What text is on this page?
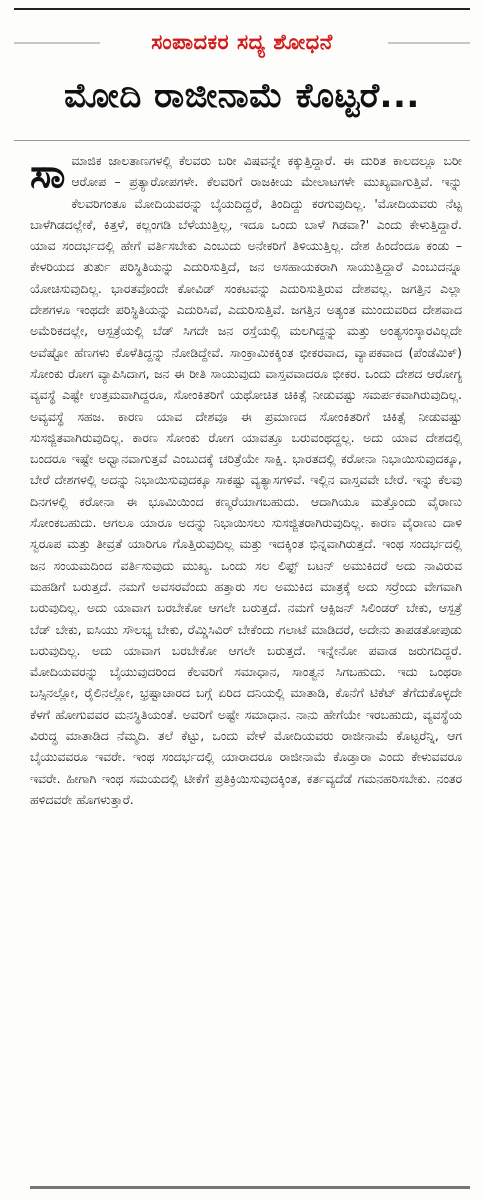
ಸಂಪಾದಕರ ಸದ್ಯ ಶೋಧನೆ
ಮೋದಿ ರಾಜೀನಾಮೆ ಕೊಟ್ಟರೆ...
ಸಾ ಮಾಜಿಕ ಜಾಲತಾಣಗಳಲ್ಲಿ ಕೆಲವರು ಬರೀ ವಿಷವನ್ನೇ ಕಕ್ಕುತ್ತಿದ್ದಾರೆ. ಈ ದುರಿತ ಕಾಲದಲ್ಲೂ ಬರೀ ಆರೋಪ – ಪ್ರತ್ಯಾರೋಪಗಳೇ. ಕೆಲವರಿಗೆ ರಾಜಕೀಯ ಮೇಲಾಟಗಳೇ ಮುಖ್ಯವಾಗುತ್ತಿವೆ. ಇನ್ನು ಕೆಲವರಿಗಂತೂ ಮೋದಿಯವರನ್ನು ಬೈಯದಿದ್ದರೆ, ತಿಂದಿದ್ದು ಕರಗುವುದಿಲ್ಲ. 'ಮೋದಿಯವರು ನೆಟ್ಟ ಬಾಳೆಗಿಡದಲ್ಲೇಕೆ, ಕಿತ್ತಳೆ, ಕಲ್ಲಂಗಡಿ ಬೆಳೆಯುತ್ತಿಲ್ಲ, ಇದೂ ಒಂದು ಬಾಳೆ ಗಿಡವಾ?' ಎಂದು ಕೇಳುತ್ತಿದ್ದಾರೆ. ಯಾವ ಸಂದರ್ಭದಲ್ಲಿ ಹೇಗೆ ವರ್ತಿಸಬೇಕು ಎಂಬುದು ಅನೇಕರಿಗೆ ತಿಳಿಯುತ್ತಿಲ್ಲ. ದೇಶ ಹಿಂದೆಂದೂ ಕಂಡು – ಕೇಳರಿಯದ ತುರ್ತು ಪರಿಸ್ಥಿತಿಯನ್ನು ಎದುರಿಸುತ್ತಿದೆ, ಜನ ಅಸಹಾಯಕರಾಗಿ ಸಾಯುತ್ತಿದ್ದಾರೆ ಎಂಬುದನ್ನೂ ಯೋಚಿಸುವುದಿಲ್ಲ. ಭಾರತವೊಂದೇ ಕೋವಿಡ್ ಸಂಕಟವನ್ನು ಎದುರಿಸುತ್ತಿರುವ ದೇಶವಲ್ಲ. ಜಗತ್ತಿನ ಎಲ್ಲಾ ದೇಶಗಳೂ ಇಂಥದೇ ಪರಿಸ್ಥಿತಿಯನ್ನು ಎದುರಿಸಿವೆ, ಎದುರಿಸುತ್ತಿವೆ. ಜಗತ್ತಿನ ಅತ್ಯಂತ ಮುಂದುವರಿದ ದೇಶವಾದ ಅಮೆರಿಕದಲ್ಲೇ, ಆಸ್ಪತ್ರೆಯಲ್ಲಿ ಬೆಡ್ ಸಿಗದೇ ಜನ ರಸ್ತೆಯಲ್ಲಿ ಮಲಗಿದ್ದನ್ನು ಮತ್ತು ಅಂತ್ಯಸಂಸ್ಕಾರವಿಲ್ಲದೇ ಅವೆಷ್ಟೋ ಹೆಣಗಳು ಕೊಳೆತಿದ್ದನ್ನು ನೋಡಿದ್ದೇವೆ. ಸಾಂಕ್ರಾಮಿಕಕ್ಕಿಂತ ಭೀಕರವಾದ, ವ್ಯಾಪಕವಾದ (ಪೆಂಡೆಮಿಕ್) ಸೋಂಕು ರೋಗ ವ್ಯಾಪಿಸಿದಾಗ, ಜನ ಈ ರೀತಿ ಸಾಯುವುದು ವಾಸ್ತವವಾದರೂ ಭೀಕರ. ಒಂದು ದೇಶದ ಆರೋಗ್ಯ ವ್ಯವಸ್ಥೆ ಎಷ್ಟೇ ಉತ್ತಮವಾಗಿದ್ದರೂ, ಸೋಂಕಿತರಿಗೆ ಯಥೋಚಿತ ಚಿಕಿತ್ಸೆ ನೀಡುವಷ್ಟು ಸಮರ್ಪಕವಾಗಿರುವುದಿಲ್ಲ. ಅವ್ಯವಸ್ಥೆ ಸಹಜ. ಕಾರಣ ಯಾವ ದೇಶವೂ ಈ ಪ್ರಮಾಣದ ಸೋಂಕಿತರಿಗೆ ಚಿಕಿತ್ಸೆ ನೀಡುವಷ್ಟು ಸುಸಜ್ಜಿತವಾಗಿರುವುದಿಲ್ಲ. ಕಾರಣ ಸೋಂಕು ರೋಗ ಯಾವತ್ತೂ ಬರುವಂಥದ್ದಲ್ಲ. ಅದು ಯಾವ ದೇಶದಲ್ಲಿ ಬಂದರೂ ಇಷ್ಟೇ ಅಧ್ವಾನವಾಗುತ್ತವೆ ಎಂಬುದಕ್ಕೆ ಚರಿತ್ರೆಯೇ ಸಾಕ್ಷಿ. ಭಾರತದಲ್ಲಿ ಕರೋನಾ ನಿಭಾಯಿಸುವುದಕ್ಕೂ, ಬೇರೆ ದೇಶಗಳಲ್ಲಿ ಅದನ್ನು ನಿಭಾಯಿಸುವುದಕ್ಕೂ ಸಾಕಷ್ಟು ವ್ಯತ್ಯಾಸಗಳಿವೆ. ಇಲ್ಲಿನ ವಾಸ್ತವವೇ ಬೇರೆ. ಇನ್ನು ಕೆಲವು ದಿನಗಳಲ್ಲಿ ಕರೋನಾ ಈ ಭೂಮಿಯಿಂದ ಕಣ್ಮರೆಯಾಗಬಹುದು. ಆದಾಗಿಯೂ ಮತ್ತೊಂದು ವೈರಾಣು ಸೋಂಕಬಹುದು. ಆಗಲೂ ಯಾರೂ ಅದನ್ನು ನಿಭಾಯಿಸಲು ಸುಸಜ್ಜಿತರಾಗಿರುವುದಿಲ್ಲ. ಕಾರಣ ವೈರಾಣು ದಾಳಿ ಸ್ವರೂಪ ಮತ್ತು ತೀವ್ರತೆ ಯಾರಿಗೂ ಗೊತ್ತಿರುವುದಿಲ್ಲ ಮತ್ತು ಇದಕ್ಕಿಂತ ಭಿನ್ನವಾಗಿರುತ್ತದೆ. ಇಂಥ ಸಂದರ್ಭದಲ್ಲಿ ಜನ ಸಂಯಮದಿಂದ ವರ್ತಿಸುವುದು ಮುಖ್ಯ. ಒಂದು ಸಲ ಲಿಫ್ಟ್ ಬಟನ್ ಅಮುಕಿದರೆ ಅದು ನಾವಿರುವ ಮಹಡಿಗೆ ಬರುತ್ತದೆ. ನಮಗೆ ಅವಸರವೆಂದು ಹತ್ತಾರು ಸಲ ಅಮುಕಿದ ಮಾತ್ರಕ್ಕೆ ಅದು ಸರ್ರೆಂದು ವೇಗವಾಗಿ ಬರುವುದಿಲ್ಲ. ಅದು ಯಾವಾಗ ಬರಬೇಕೋ ಆಗಲೇ ಬರುತ್ತದೆ. ನಮಗೆ ಆಕ್ಸಿಜನ್ ಸಿಲಿಂಡರ್ ಬೇಕು, ಆಸ್ಪತ್ರೆ ಬೆಡ್ ಬೇಕು, ಐಸಿಯು ಸೌಲಭ್ಯ ಬೇಕು, ರೆಮ್ಡಿಸಿವಿರ್ ಬೇಕೆಂದು ಗಲಾಟೆ ಮಾಡಿದರೆ, ಅದೇನು ತಾಪಡತೋಪುಡು ಬರುವುದಿಲ್ಲ. ಅದು ಯಾವಾಗ ಬರಬೇಕೋ ಆಗಲೇ ಬರುತ್ತದೆ. ಇನ್ನೇನೋ ಪವಾಡ ಜರುಗದಿದ್ದರೆ. ಮೋದಿಯವರನ್ನು ಬೈಯುವುದರಿಂದ ಕೆಲವರಿಗೆ ಸಮಾಧಾನ, ಸಾಂತ್ವನ ಸಿಗಬಹುದು. ಇದು ಒಂಥರಾ ಬಸ್ಸಿನಲ್ಲೋ, ರೈಲಿನಲ್ಲೋ, ಭ್ರಷ್ಟಾಚಾರದ ಬಗ್ಗೆ ಏರಿದ ದನಿಯಲ್ಲಿ ಮಾತಾಡಿ, ಕೊನೆಗೆ ಟಿಕೆಟ್ ತೆಗೆದುಕೊಳ್ಳದೇ ಕೆಳಗೆ ಹೋಗುವವರ ಮನಸ್ಥಿತಿಯಂತೆ. ಅವರಿಗೆ ಅಷ್ಟೇ ಸಮಾಧಾನ. ನಾನು ಹೇಗೆಯೇ ಇರಬಹುದು, ವ್ಯವಸ್ಥೆಯ ವಿರುದ್ಧ ಮಾತಾಡಿದ ನೆಮ್ಮದಿ. ತಲೆ ಕೆಟ್ಟು, ಒಂದು ವೇಳೆ ಮೋದಿಯವರು ರಾಜೀನಾಮೆ ಕೊಟ್ಟರೆನ್ನಿ, ಆಗ ಬೈಯುವವರೂ ಇವರೇ. ಇಂಥ ಸಂದರ್ಭದಲ್ಲಿ ಯಾರಾದರೂ ರಾಜೀನಾಮೆ ಕೊಡ್ತಾರಾ ಎಂದು ಕೇಳುವವರೂ ಇವರೇ. ಹೀಗಾಗಿ ಇಂಥ ಸಮಯದಲ್ಲಿ ಟೀಕೆಗೆ ಪ್ರತಿಕ್ರಿಯಿಸುವುದಕ್ಕಿಂತ, ಕರ್ತವ್ಯದೆಡೆ ಗಮನಹರಿಸಬೇಕು. ನಂತರ ಹಳಿದವರೇ ಹೊಗಳುತ್ತಾರೆ.
